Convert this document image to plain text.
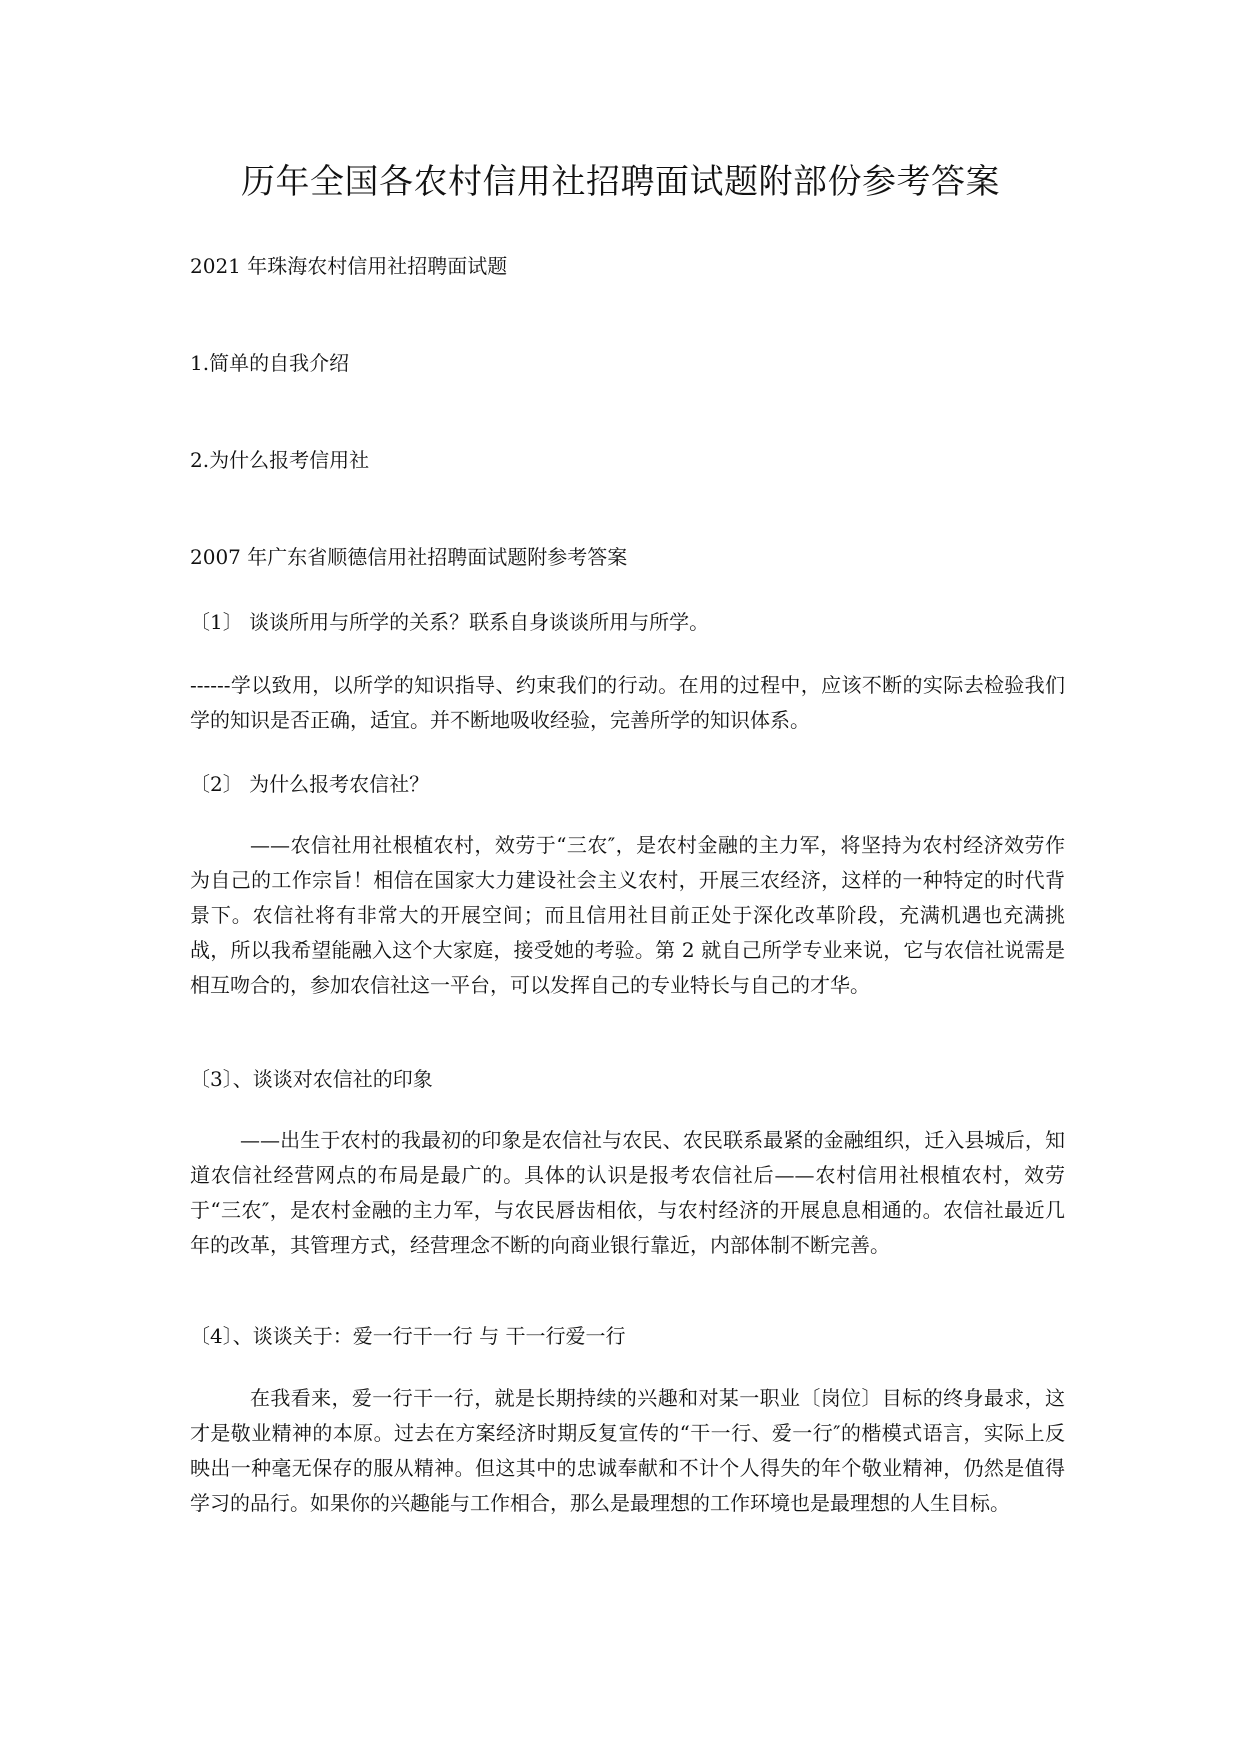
历年全国各农村信用社招聘面试题附部份参考答案

2021 年珠海农村信用社招聘面试题

1.简单的自我介绍

2.为什么报考信用社

2007 年广东省顺德信用社招聘面试题附参考答案

〔1〕 谈谈所用与所学的关系？联系自身谈谈所用与所学。

------学以致用，以所学的知识指导、约束我们的行动。在用的过程中，应该不断的实际去检验我们学的知识是否正确，适宜。并不断地吸收经验，完善所学的知识体系。

〔2〕 为什么报考农信社？

——农信社用社根植农村，效劳于“三农″，是农村金融的主力军，将坚持为农村经济效劳作为自己的工作宗旨！相信在国家大力建设社会主义农村，开展三农经济，这样的一种特定的时代背景下。农信社将有非常大的开展空间；而且信用社目前正处于深化改革阶段，充满机遇也充满挑战，所以我希望能融入这个大家庭，接受她的考验。第 2 就自己所学专业来说，它与农信社说需是相互吻合的，参加农信社这一平台，可以发挥自己的专业特长与自己的才华。

〔3〕、谈谈对农信社的印象

——出生于农村的我最初的印象是农信社与农民、农民联系最紧的金融组织，迁入县城后，知道农信社经营网点的布局是最广的。具体的认识是报考农信社后——农村信用社根植农村，效劳于“三农″，是农村金融的主力军，与农民唇齿相依，与农村经济的开展息息相通的。农信社最近几年的改革，其管理方式，经营理念不断的向商业银行靠近，内部体制不断完善。

〔4〕、谈谈关于：爱一行干一行 与 干一行爱一行

在我看来，爱一行干一行，就是长期持续的兴趣和对某一职业〔岗位〕目标的终身最求，这才是敬业精神的本原。过去在方案经济时期反复宣传的“干一行、爱一行″的楷模式语言，实际上反映出一种毫无保存的服从精神。但这其中的忠诚奉献和不计个人得失的年个敬业精神，仍然是值得学习的品行。如果你的兴趣能与工作相合，那么是最理想的工作环境也是最理想的人生目标。
